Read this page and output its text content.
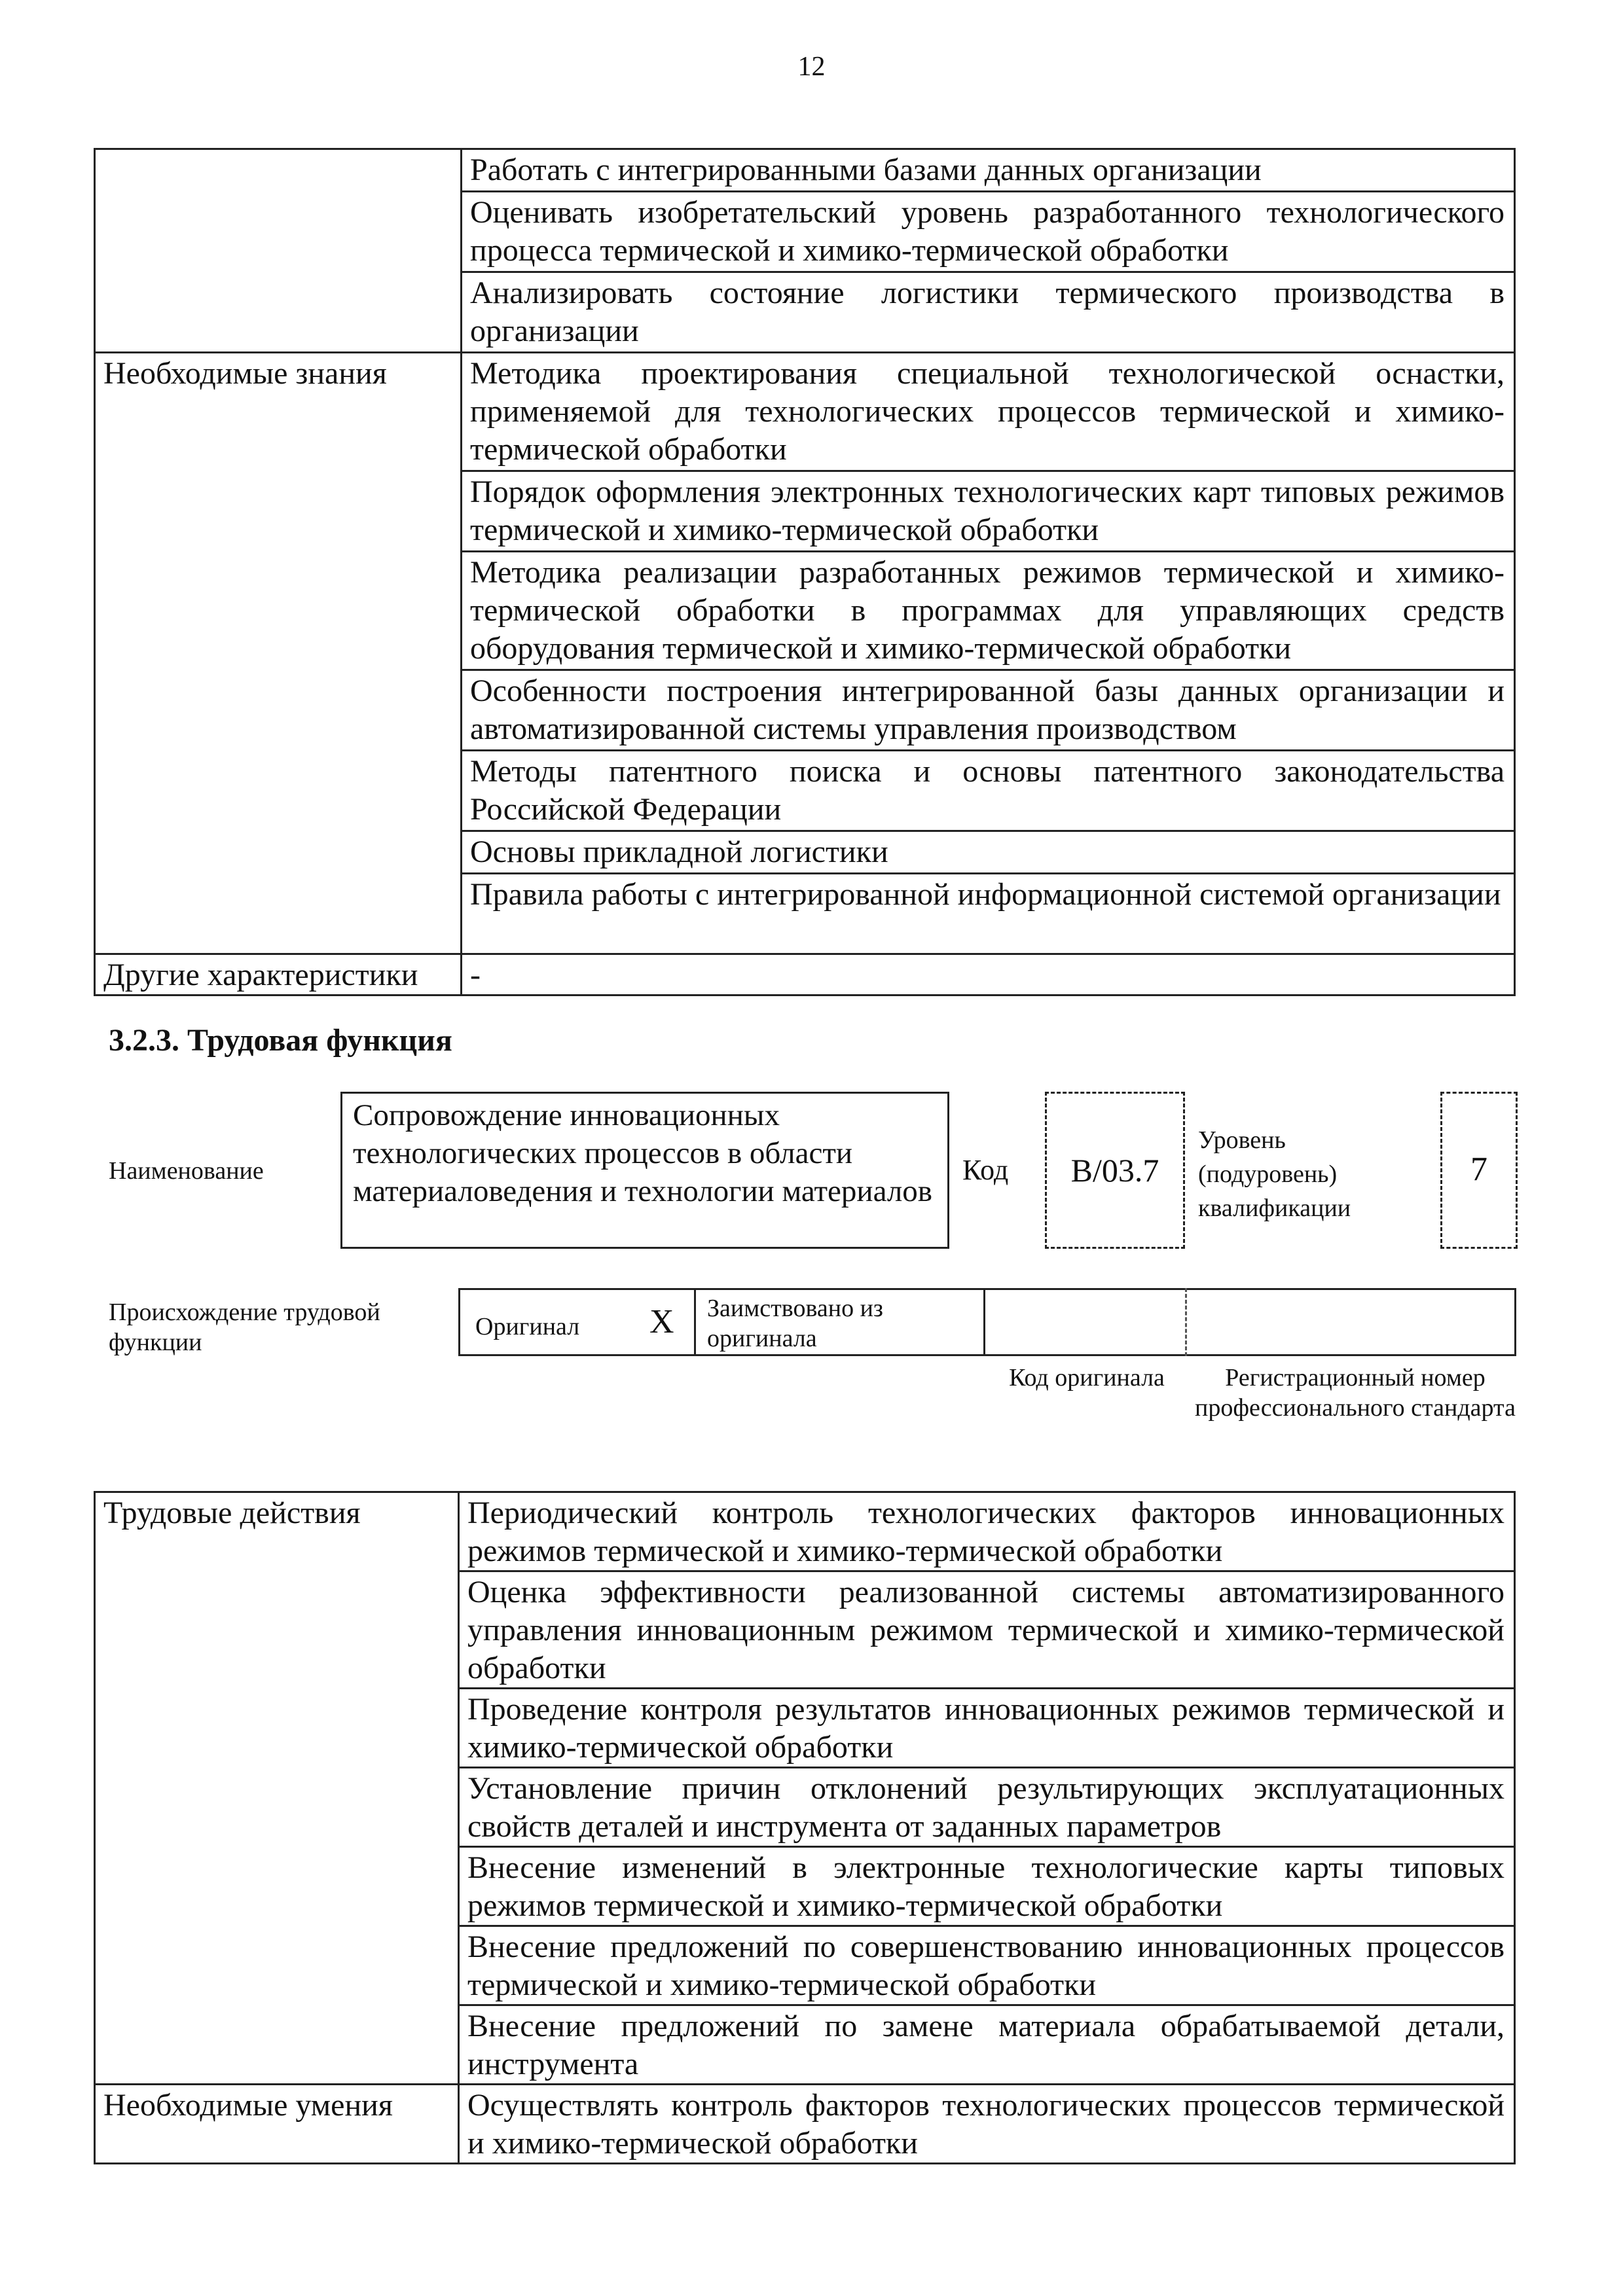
12
	Работать с интегрированными базами данных организации
	Оценивать изобретательский уровень разработанного технологического процесса термической и химико-термической обработки
	Анализировать состояние логистики термического производства в организации
Необходимые знания	Методика проектирования специальной технологической оснастки, применяемой для технологических процессов термической и химико-термической обработки
	Порядок оформления электронных технологических карт типовых режимов термической и химико-термической обработки
	Методика реализации разработанных режимов термической и химико-термической обработки в программах для управляющих средств оборудования термической и химико-термической обработки
	Особенности построения интегрированной базы данных организации и автоматизированной системы управления производством
	Методы патентного поиска и основы патентного законодательства Российской Федерации
	Основы прикладной логистики
	Правила работы с интегрированной информационной системой организации
Другие характеристики	-
3.2.3. Трудовая функция
Наименование
Сопровождение инновационных технологических процессов в области материаловедения и технологии материалов
Код	B/03.7
Уровень (подуровень) квалификации
7
Происхождение трудовой функции
Оригинал X Заимствовано из оригинала
Код оригинала	Регистрационный номер профессионального стандарта
Трудовые действия	Периодический контроль технологических факторов инновационных режимов термической и химико-термической обработки
	Оценка эффективности реализованной системы автоматизированного управления инновационным режимом термической и химико-термической обработки
	Проведение контроля результатов инновационных режимов термической и химико-термической обработки
	Установление причин отклонений результирующих эксплуатационных свойств деталей и инструмента от заданных параметров
	Внесение изменений в электронные технологические карты типовых режимов термической и химико-термической обработки
	Внесение предложений по совершенствованию инновационных процессов термической и химико-термической обработки
	Внесение предложений по замене материала обрабатываемой детали, инструмента
Необходимые умения	Осуществлять контроль факторов технологических процессов термической и химико-термической обработки
